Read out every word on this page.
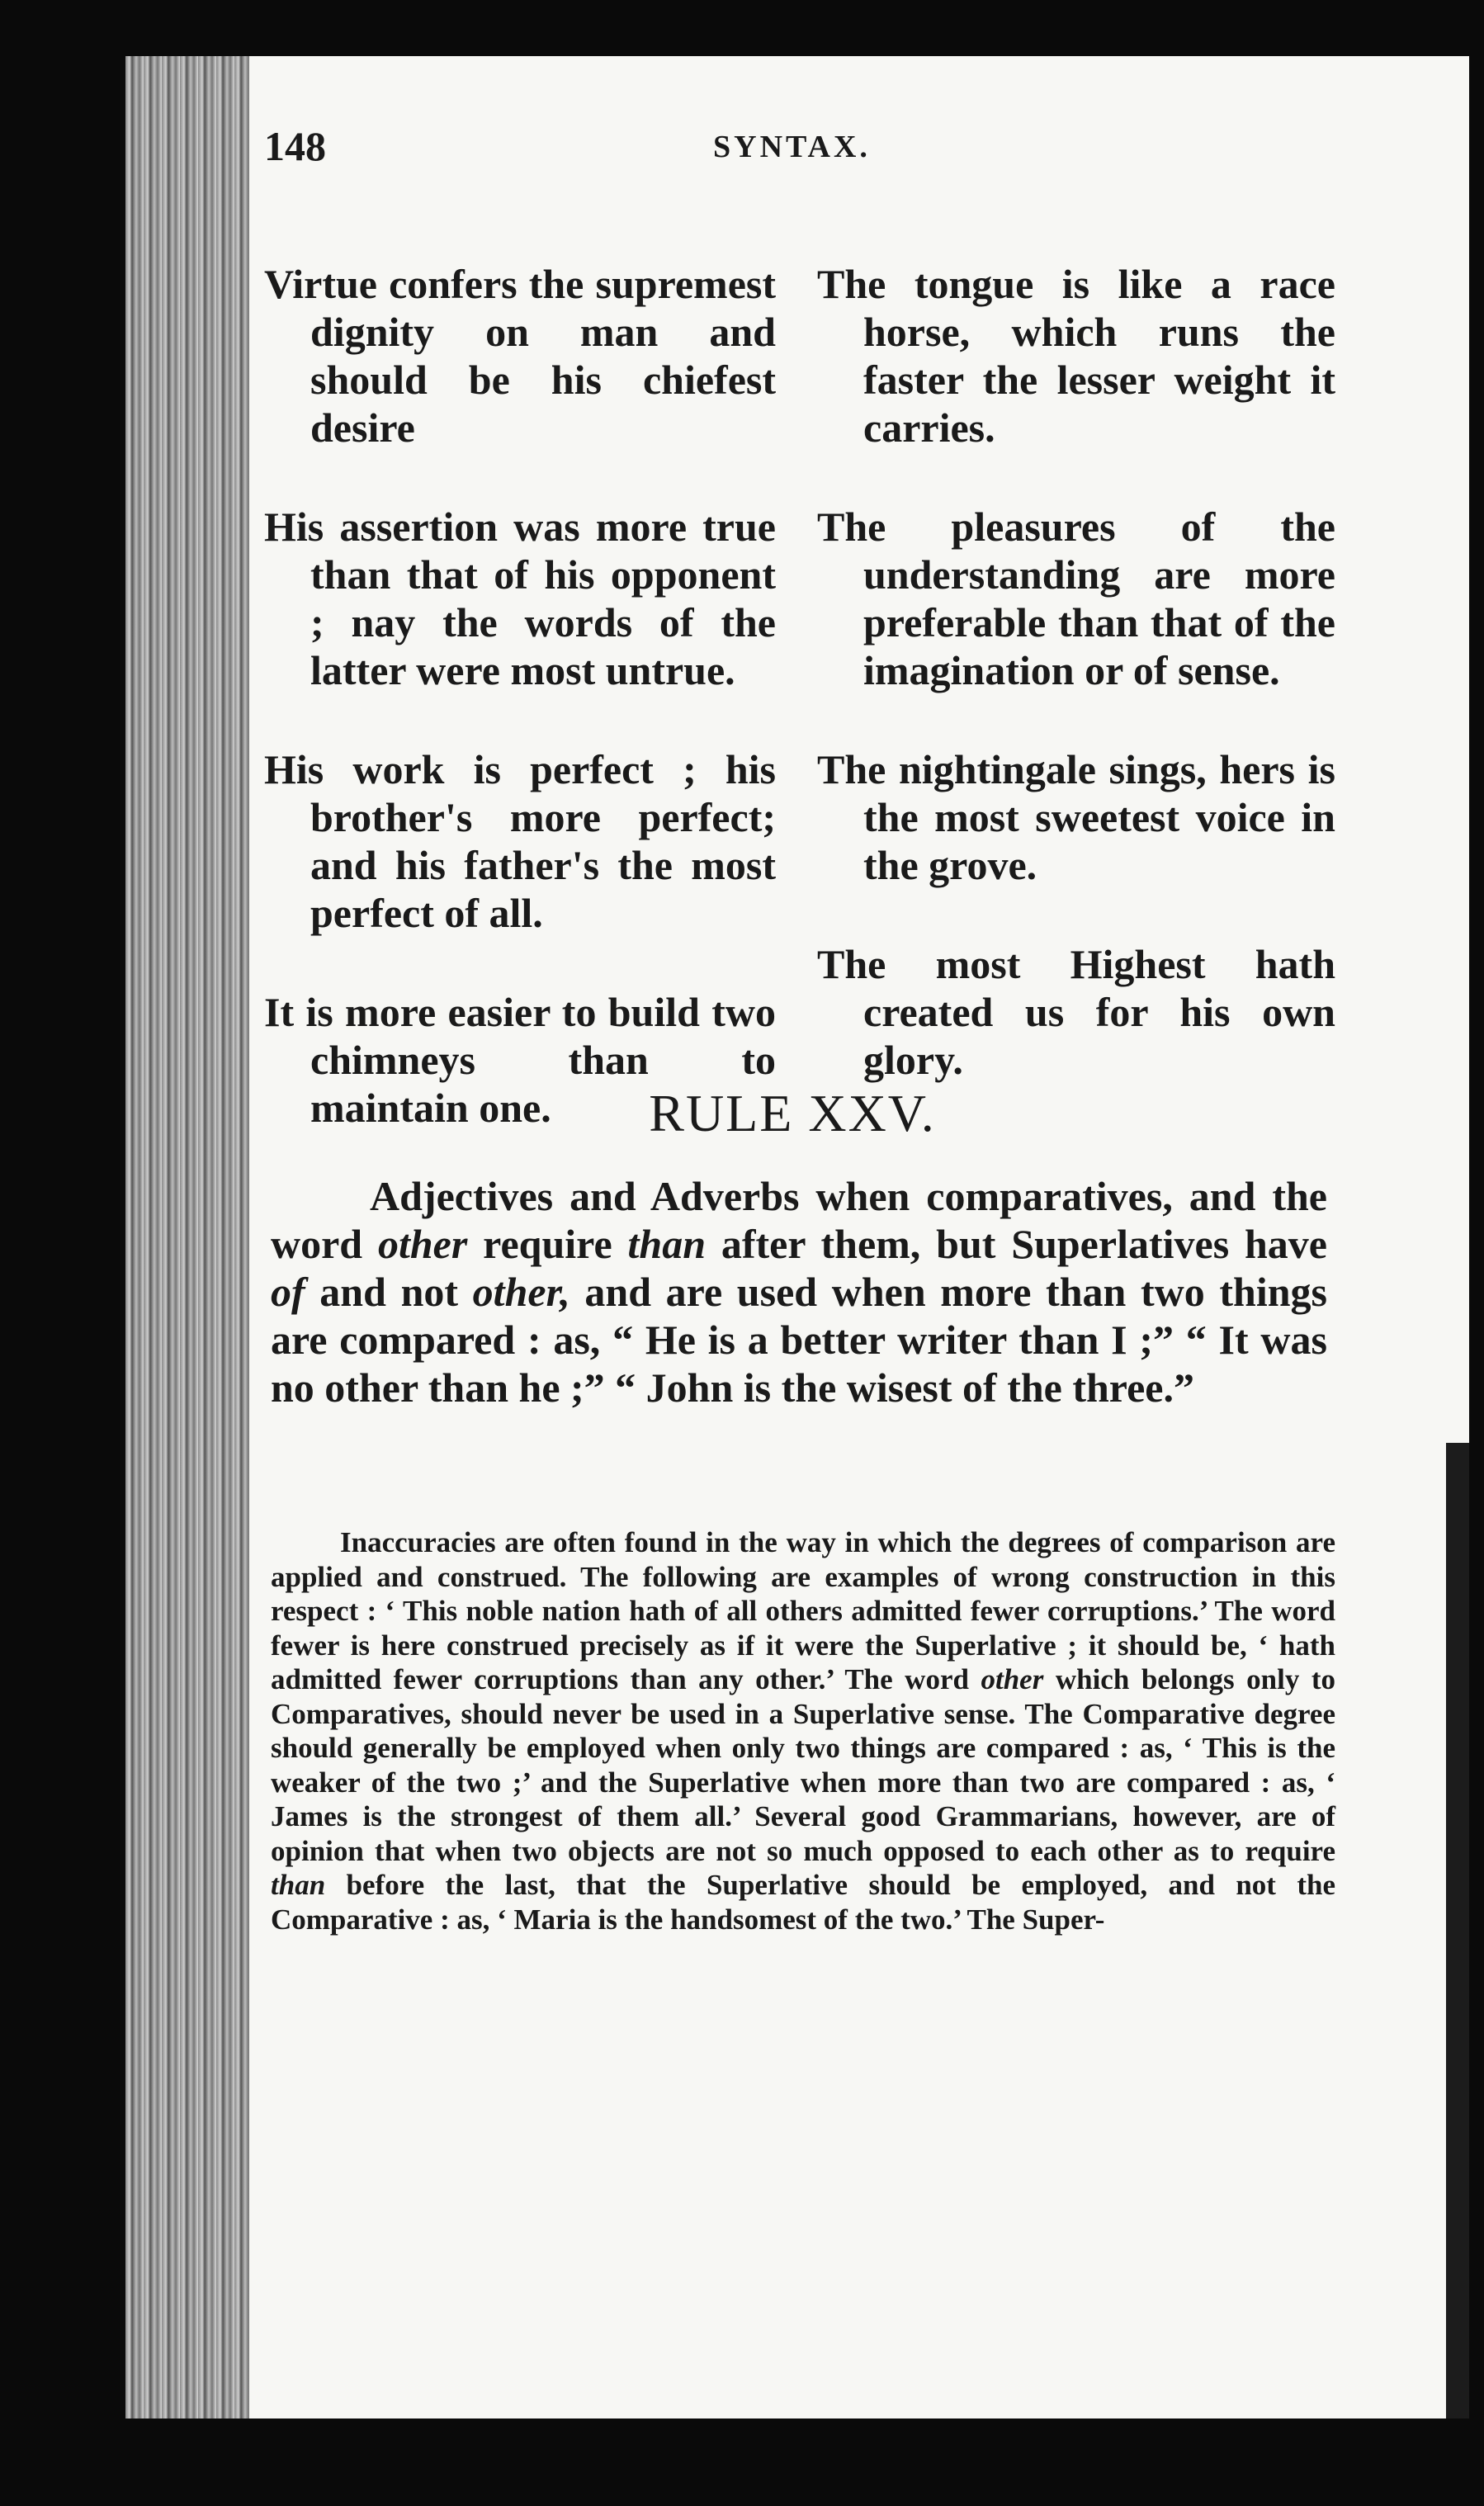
148	SYNTAX.

Virtue confers the supremest dignity on man and should be his chiefest desire

His assertion was more true than that of his opponent ; nay the words of the latter were most untrue.

His work is perfect ; his brother's more perfect; and his father's the most perfect of all.

It is more easier to build two chimneys than to maintain one.

The tongue is like a race horse, which runs the faster the lesser weight it carries.

The pleasures of the understanding are more preferable than that of the imagination or of sense.

The nightingale sings, hers is the most sweetest voice in the grove.

The most Highest hath created us for his own glory.

RULE XXV.

Adjectives and Adverbs when comparatives, and the word other require than after them, but Superlatives have of and not other, and are used when more than two things are compared : as, “ He is a better writer than I ;” “ It was no other than he ;” “ John is the wisest of the three.”

Inaccuracies are often found in the way in which the degrees of comparison are applied and construed. The following are examples of wrong construction in this respect : ‘ This noble nation hath of all others admitted fewer corruptions.’ The word fewer is here construed precisely as if it were the Superlative ; it should be, ‘ hath admitted fewer corruptions than any other.’ The word other which belongs only to Comparatives, should never be used in a Superlative sense. The Comparative degree should generally be employed when only two things are compared : as, ‘ This is the weaker of the two ;’ and the Superlative when more than two are compared : as, ‘ James is the strongest of them all.’ Several good Grammarians, however, are of opinion that when two objects are not so much opposed to each other as to require than before the last, that the Superlative should be employed, and not the Comparative : as, ‘ Maria is the handsomest of the two.’ The Super-
